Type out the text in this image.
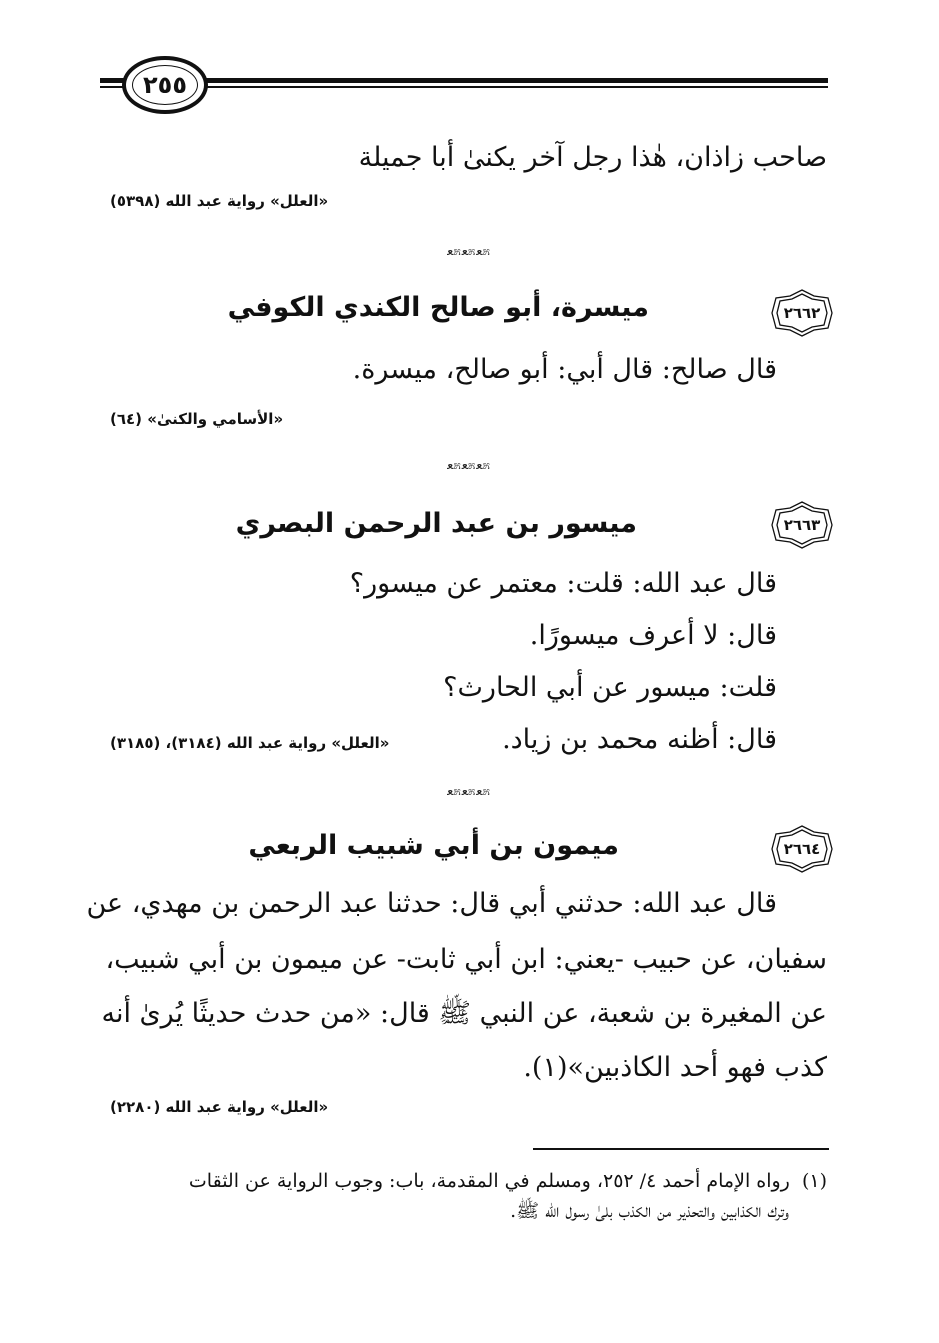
٢٥٥
صاحب زاذان، هٰذا رجل آخر يكنىٰ أبا جميلة
«العلل» رواية عبد الله (٥٣٩٨)
ﻌ೫ﻌ೫ﻌ೫
٢٦٦٢
ميسرة، أبو صالح الكندي الكوفي
قال صالح: قال أبي: أبو صالح، ميسرة.
«الأسامي والكنىٰ» (٦٤)
ﻌ೫ﻌ೫ﻌ೫
٢٦٦٣
ميسور بن عبد الرحمن البصري
قال عبد الله: قلت: معتمر عن ميسور؟
قال: لا أعرف ميسورًا.
قلت: ميسور عن أبي الحارث؟
قال: أظنه محمد بن زياد.
«العلل» رواية عبد الله (٣١٨٤)، (٣١٨٥)
ﻌ೫ﻌ೫ﻌ೫
٢٦٦٤
ميمون بن أبي شبيب الربعي
قال عبد الله: حدثني أبي قال: حدثنا عبد الرحمن بن مهدي، عن
سفيان، عن حبيب -يعني: ابن أبي ثابت- عن ميمون بن أبي شبيب،
عن المغيرة بن شعبة، عن النبي ﷺ قال: «من حدث حديثًا يُرىٰ أنه
كذب فهو أحد الكاذبين»(١).
«العلل» رواية عبد الله (٢٢٨٠)
(١)  رواه الإمام أحمد ٤/ ٢٥٢، ومسلم في المقدمة، باب: وجوب الرواية عن الثقات
وترك الكذابين والتحذير من الكذب بلىٰ رسول الله ﷺ.
